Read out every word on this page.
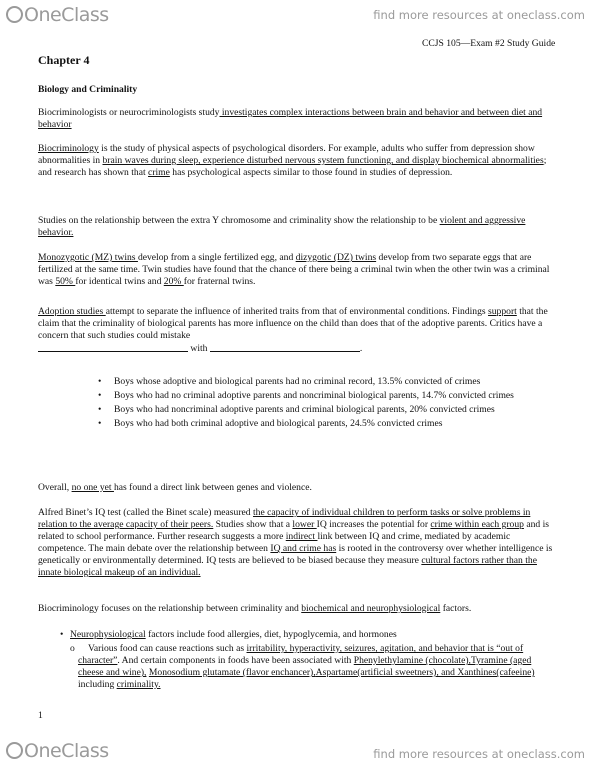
OneClass	find more resources at oneclass.com
CCJS 105—Exam #2 Study Guide
Chapter 4
Biology and Criminality

Biocriminologists or neurocriminologists study investigates complex interactions between brain and behavior and between diet and behavior

Biocriminology is the study of physical aspects of psychological disorders. For example, adults who suffer from depression show abnormalities in brain waves during sleep, experience disturbed nervous system functioning, and display biochemical abnormalities; and research has shown that crime has psychological aspects similar to those found in studies of depression.

Studies on the relationship between the extra Y chromosome and criminality show the relationship to be violent and aggressive behavior.

Monozygotic (MZ) twins develop from a single fertilized egg, and dizygotic (DZ) twins develop from two separate eggs that are fertilized at the same time. Twin studies have found that the chance of there being a criminal twin when the other twin was a criminal was 50% for identical twins and 20% for fraternal twins.

Adoption studies attempt to separate the influence of inherited traits from that of environmental conditions. Findings support that the claim that the criminality of biological parents has more influence on the child than does that of the adoptive parents. Critics have a concern that such studies could mistake
with	.

• Boys whose adoptive and biological parents had no criminal record, 13.5% convicted of crimes
• Boys who had no criminal adoptive parents and noncriminal biological parents, 14.7% convicted crimes
• Boys who had noncriminal adoptive parents and criminal biological parents, 20% convicted crimes
• Boys who had both criminal adoptive and biological parents, 24.5% convicted crimes

Overall, no one yet has found a direct link between genes and violence.

Alfred Binet’s IQ test (called the Binet scale) measured the capacity of individual children to perform tasks or solve problems in relation to the average capacity of their peers. Studies show that a lower IQ increases the potential for crime within each group and is related to school performance. Further research suggests a more indirect link between IQ and crime, mediated by academic competence. The main debate over the relationship between IQ and crime has is rooted in the controversy over whether intelligence is genetically or environmentally determined. IQ tests are believed to be biased because they measure cultural factors rather than the innate biological makeup of an individual.

Biocriminology focuses on the relationship between criminality and biochemical and neurophysiological factors.

• Neurophysiological factors include food allergies, diet, hypoglycemia, and hormones
o Various food can cause reactions such as irritability, hyperactivity, seizures, agitation, and behavior that is “out of character”. And certain components in foods have been associated with Phenylethylamine (chocolate),Tyramine (aged cheese and wine), Monosodium glutamate (flavor enchancer),Aspartame(artificial sweetners), and Xanthines(cafeeine) including criminality.
1
OneClass	find more resources at oneclass.com
